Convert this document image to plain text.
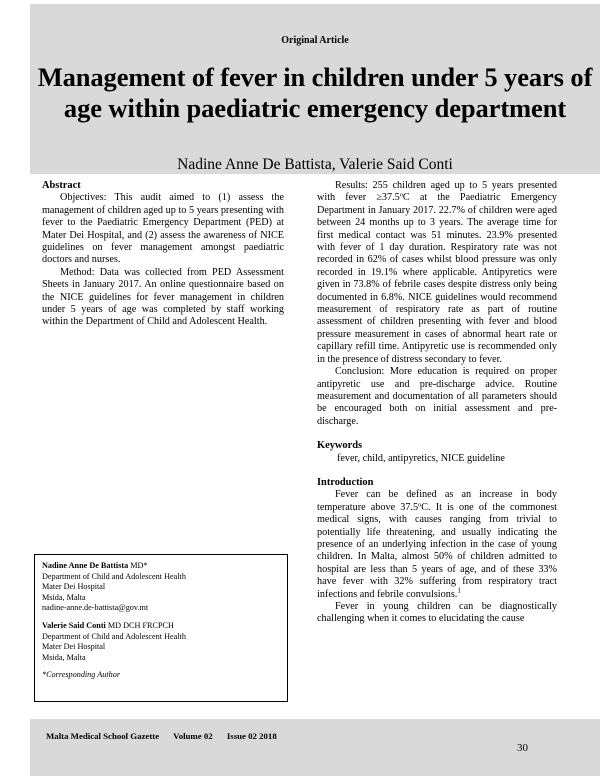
Original Article
Management of fever in children under 5 years of age within paediatric emergency department
Nadine Anne De Battista, Valerie Said Conti
Abstract

Objectives: This audit aimed to (1) assess the management of children aged up to 5 years presenting with fever to the Paediatric Emergency Department (PED) at Mater Dei Hospital, and (2) assess the awareness of NICE guidelines on fever management amongst paediatric doctors and nurses.

Method: Data was collected from PED Assessment Sheets in January 2017. An online questionnaire based on the NICE guidelines for fever management in children under 5 years of age was completed by staff working within the Department of Child and Adolescent Health.

Results: 255 children aged up to 5 years presented with fever ≥37.5ºC at the Paediatric Emergency Department in January 2017. 22.7% of children were aged between 24 months up to 3 years. The average time for first medical contact was 51 minutes. 23.9% presented with fever of 1 day duration. Respiratory rate was not recorded in 62% of cases whilst blood pressure was only recorded in 19.1% where applicable. Antipyretics were given in 73.8% of febrile cases despite distress only being documented in 6.8%. NICE guidelines would recommend measurement of respiratory rate as part of routine assessment of children presenting with fever and blood pressure measurement in cases of abnormal heart rate or capillary refill time. Antipyretic use is recommended only in the presence of distress secondary to fever.

Conclusion: More education is required on proper antipyretic use and pre-discharge advice. Routine measurement and documentation of all parameters should be encouraged both on initial assessment and pre-discharge.

Keywords
fever, child, antipyretics, NICE guideline
Introduction

Fever can be defined as an increase in body temperature above 37.5ºC. It is one of the commonest medical signs, with causes ranging from trivial to potentially life threatening, and usually indicating the presence of an underlying infection in the case of young children. In Malta, almost 50% of children admitted to hospital are less than 5 years of age, and of these 33% have fever with 32% suffering from respiratory tract infections and febrile convulsions.$^1$

Fever in young children can be diagnostically challenging when it comes to elucidating the cause

Nadine Anne De Battista MD*
Department of Child and Adolescent Health
Mater Dei Hospital
Msida, Malta
nadine-anne.de-battista@gov.mt
Valerie Said Conti MD DCH FRCPCH
Department of Child and Adolescent Health
Mater Dei Hospital
Msida, Malta
*Corresponding Author
Malta Medical School Gazette Volume 02 Issue 02 2018
30
